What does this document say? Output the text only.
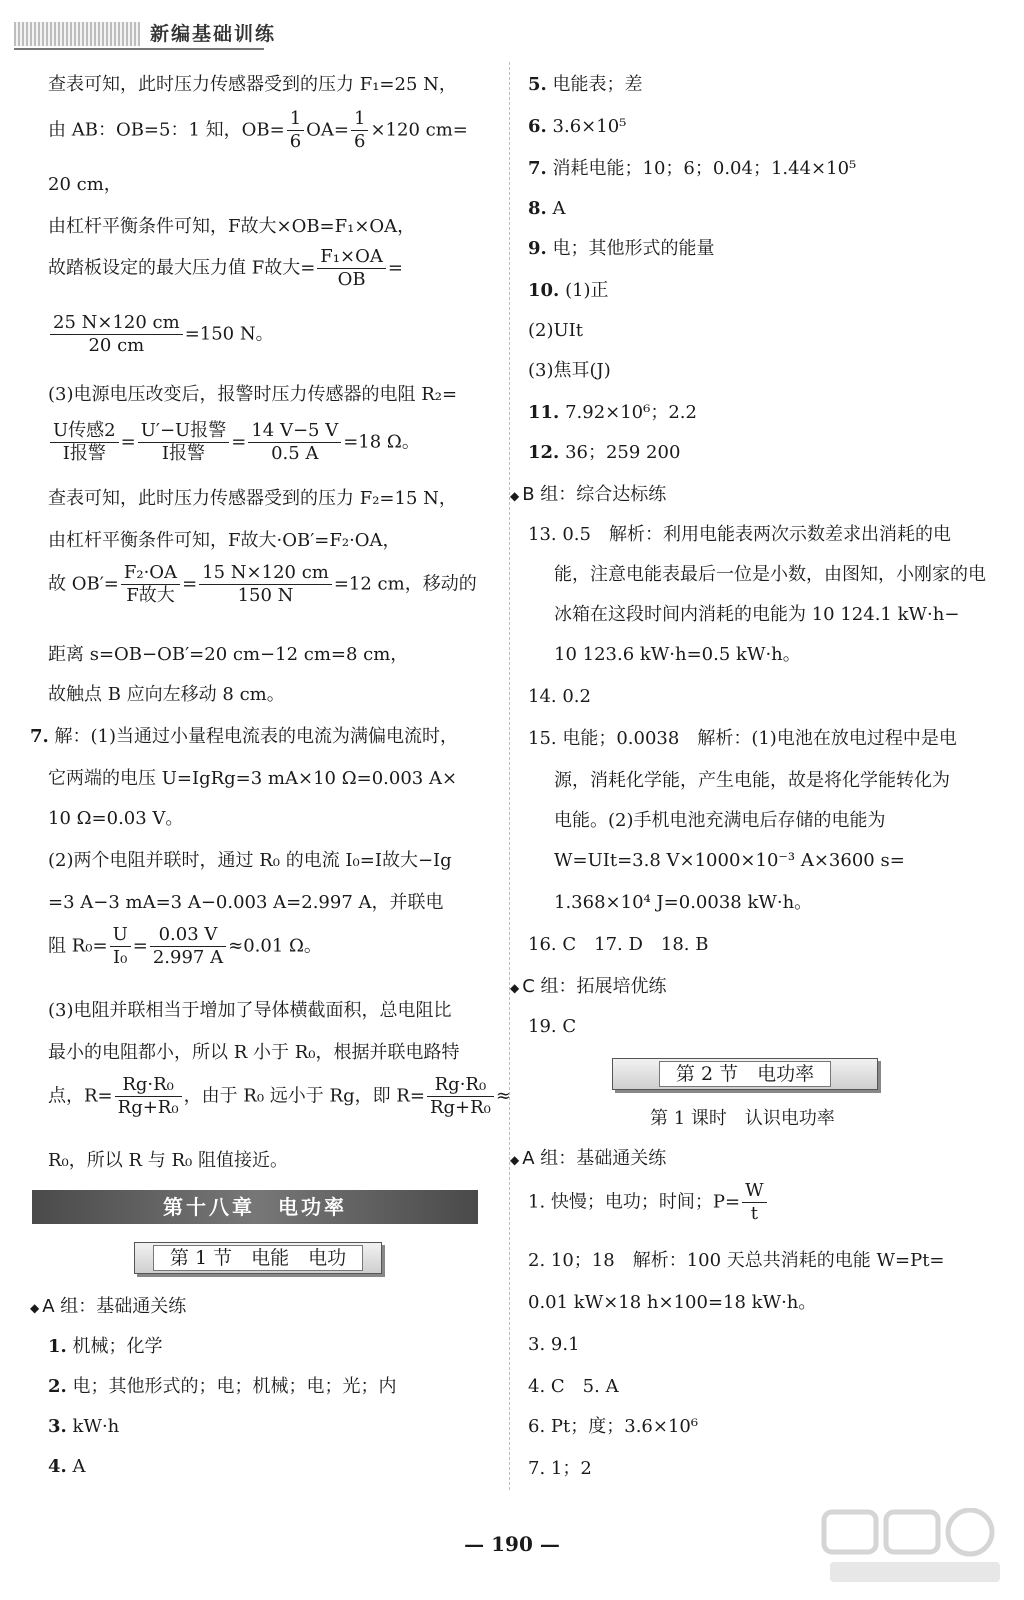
新编基础训练
查表可知，此时压力传感器受到的压力 F₁=25 N，
由 AB：OB=5：1 知，$OB= \frac{1}{6} OA= \frac{1}{6} \times 120$ cm=
20 cm，
由杠杆平衡条件可知，F故大×OB=F₁×OA，
故踏板设定的最大压力值 F故大= $\frac{\text{F₁×OA}}{OB}$ =
$\frac{25 N\times 120 cm}{20 cm} =150$ N。
(3)电源电压改变后，报警时压力传感器的电阻 R₂=
$\frac{\text{U传感2}}{\text{I报警}} = \frac{\text{U′−U报警}}{\text{I报警}} = \frac{14 V-5 V}{0.5 A} =18$ Ω。
查表可知，此时压力传感器受到的压力 F₂=15 N，
由杠杆平衡条件可知，F故大·OB′=F₂·OA，
故 $OB'= \frac{\text{F₂·OA}}{\text{F故大}} = \frac{15 N\times 120 cm}{150 N} =12$ cm，移动的
距离 s=OB−OB′=20 cm−12 cm=8 cm，
故触点 B 应向左移动 8 cm。
7. 解：(1)当通过小量程电流表的电流为满偏电流时，
它两端的电压 U=IgRg=3 mA×10 Ω=0.003 A×
10 Ω=0.03 V。
(2)两个电阻并联时，通过 R₀ 的电流 I₀=I故大−Ig
=3 A−3 mA=3 A−0.003 A=2.997 A，并联电
阻 $R_0= \frac{U}{\text{I₀}} = \frac{0.03 V}{2.997 A} \approx 0.01$ Ω。
(3)电阻并联相当于增加了导体横截面积，总电阻比
最小的电阻都小，所以 R 小于 R₀，根据并联电路特
点，$R= \frac{\text{Rg·R₀}}{\text{Rg+R₀}}$ ，由于 R₀ 远小于 Rg，即 $R= \frac{\text{Rg·R₀}}{\text{Rg+R₀}}$ ≈
R₀，所以 R 与 R₀ 阻值接近。
第十八章　电功率
第 1 节　电能　电功
◆ A 组：基础通关练
1. 机械；化学
2. 电；其他形式的；电；机械；电；光；内
3. kW·h
4. A
5. 电能表；差
6. 3.6×10⁵
7. 消耗电能；10；6；0.04；1.44×10⁵
8. A
9. 电；其他形式的能量
10. (1)正
(2)UIt
(3)焦耳(J)
11. 7.92×10⁶；2.2
12. 36；259 200
◆ B 组：综合达标练
13. 0.5　解析：利用电能表两次示数差求出消耗的电
能，注意电能表最后一位是小数，由图知，小刚家的电
冰箱在这段时间内消耗的电能为 10 124.1 kW·h−
10 123.6 kW·h=0.5 kW·h。
14. 0.2
15. 电能；0.0038　解析：(1)电池在放电过程中是电
源，消耗化学能，产生电能，故是将化学能转化为
电能。(2)手机电池充满电后存储的电能为
W=UIt=3.8 V×1000×10⁻³ A×3600 s=
1.368×10⁴ J=0.0038 kW·h。
16. C　17. D　18. B
◆ C 组：拓展培优练
19. C
第 2 节　电功率
第 1 课时　认识电功率
◆ A 组：基础通关练
1. 快慢；电功；时间；$P= \frac{W}{t}$
2. 10；18　解析：100 天总共消耗的电能 W=Pt=
0.01 kW×18 h×100=18 kW·h。
3. 9.1
4. C　5. A
6. Pt；度；3.6×10⁶
7. 1；2
— 190 —
